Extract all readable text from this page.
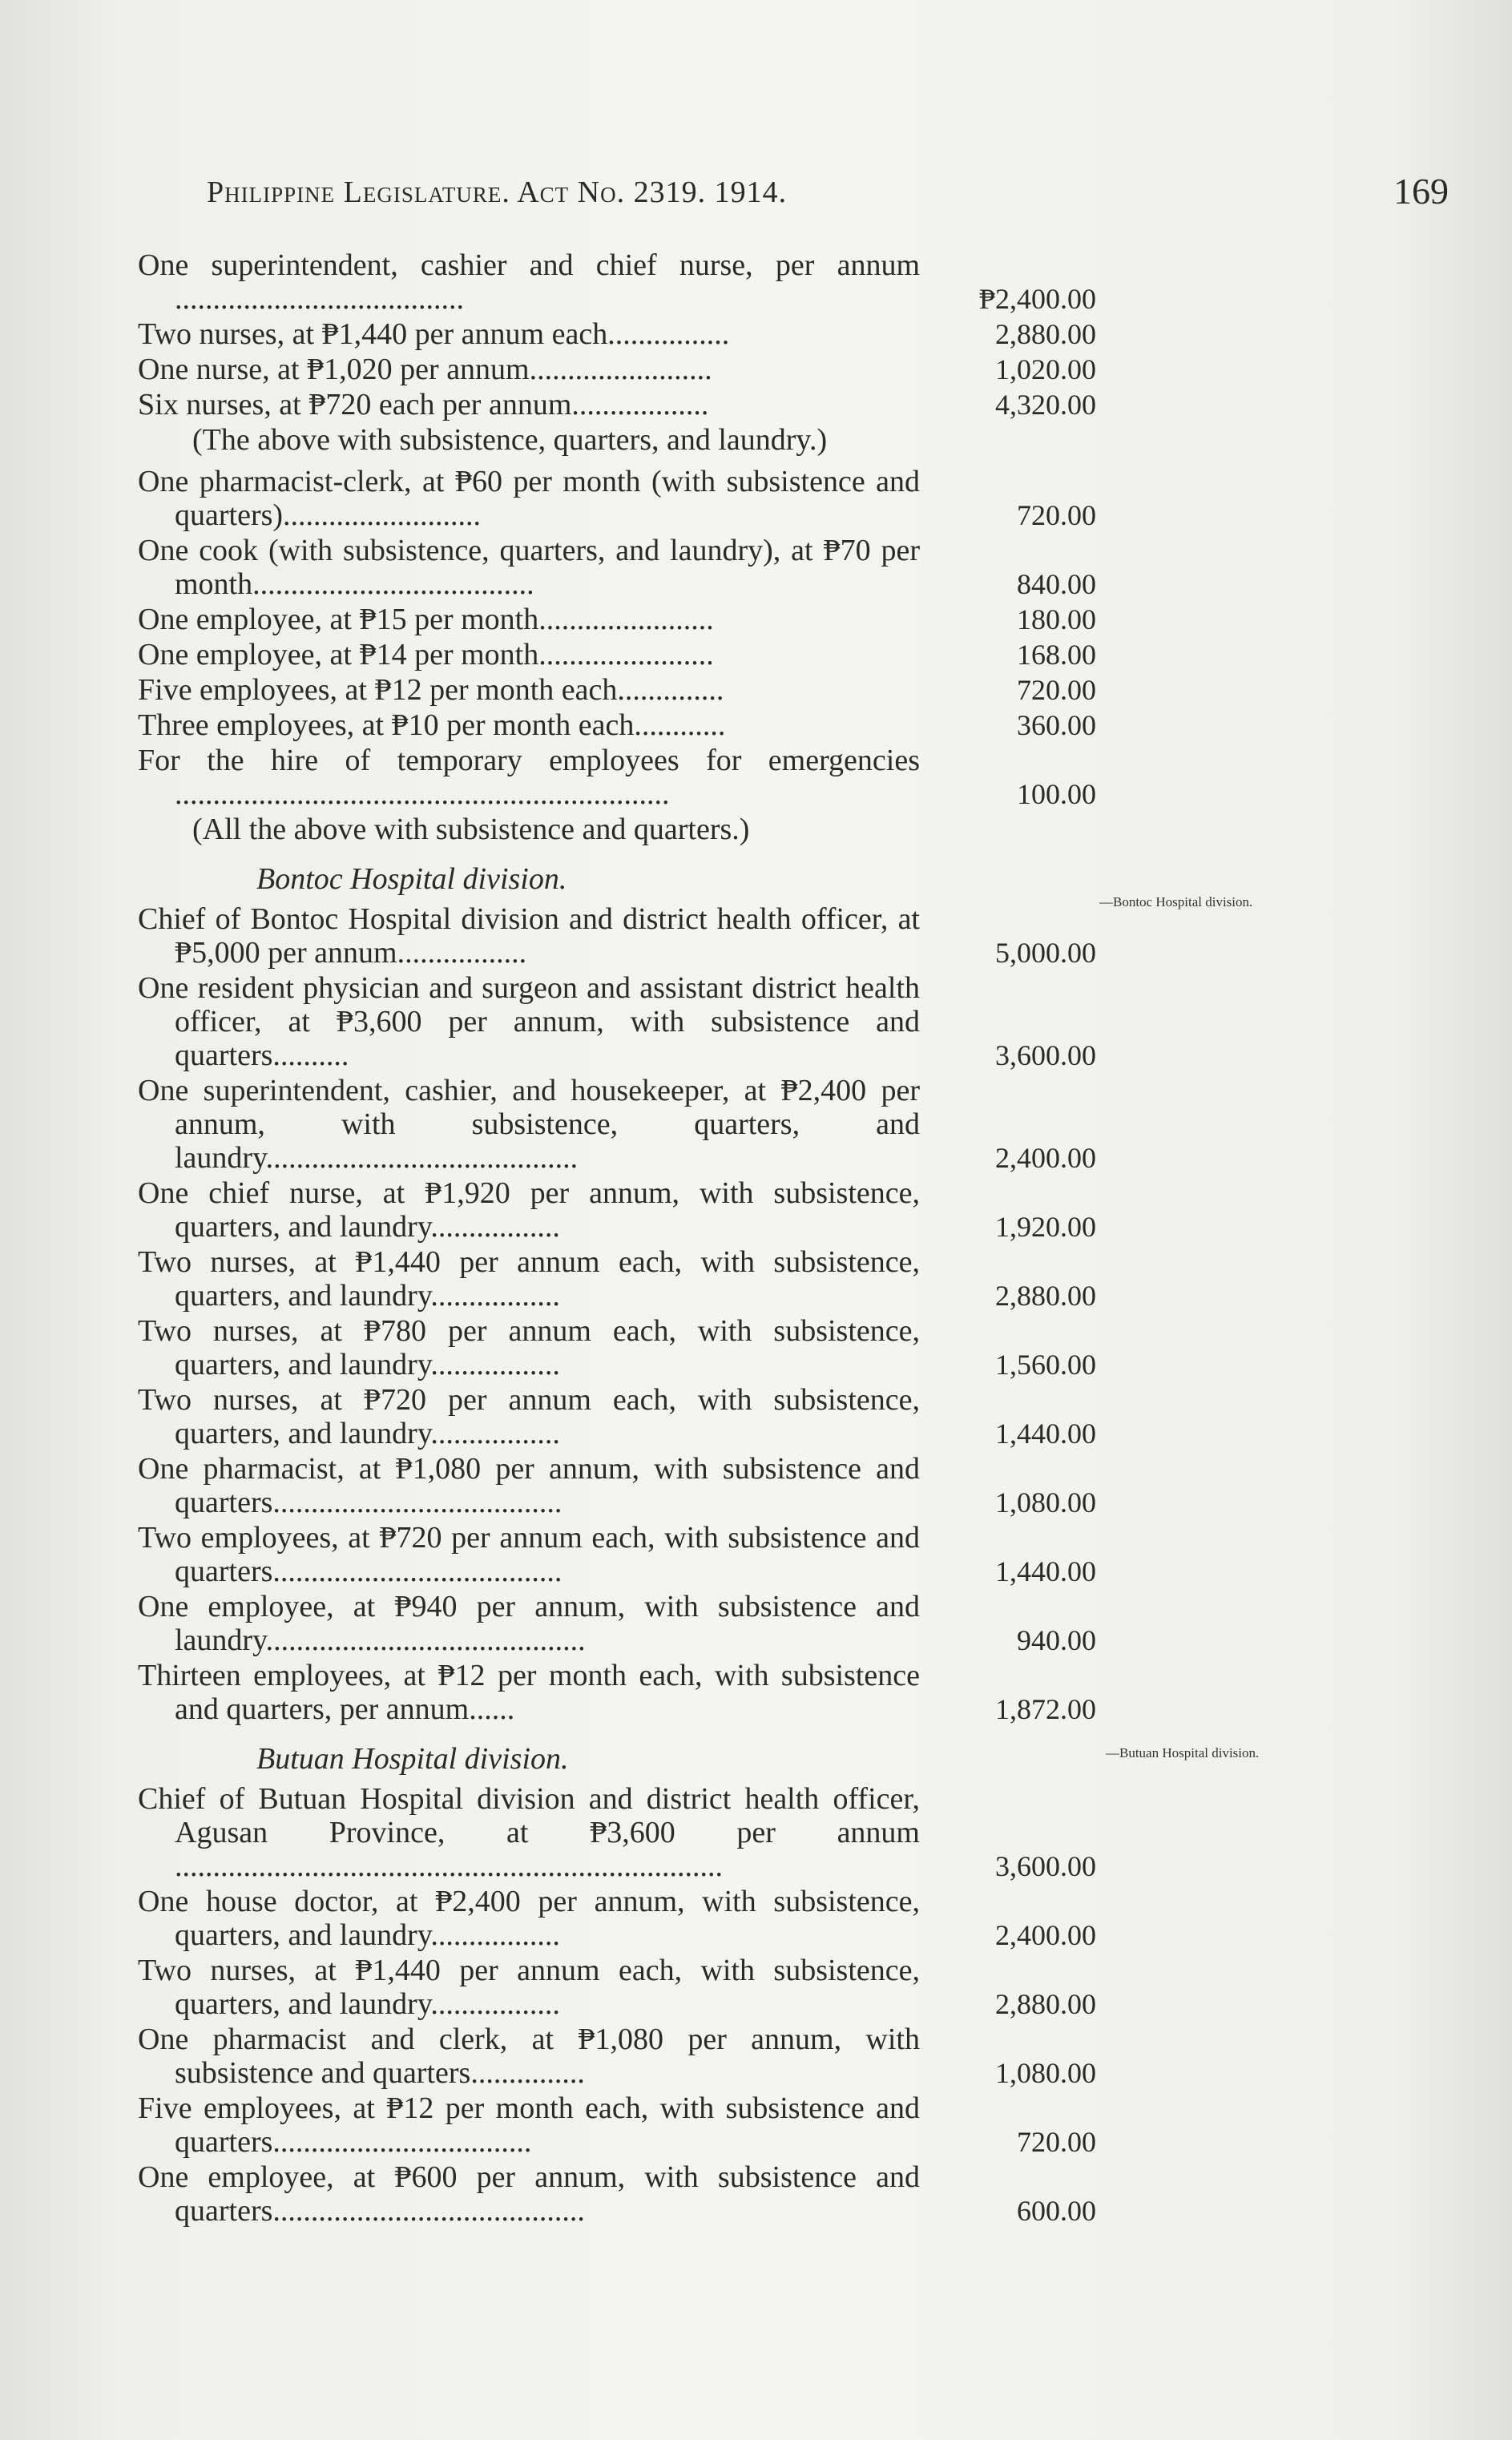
Philippine Legislature. Act No. 2319. 1914.	169
—Bontoc Hospital division.
—Butuan Hospital division.
One superintendent, cashier and chief nurse, per annum ......................................	₱2,400.00
Two nurses, at ₱1,440 per annum each................	2,880.00
One nurse, at ₱1,020 per annum........................	1,020.00
Six nurses, at ₱720 each per annum..................	4,320.00
(The above with subsistence, quarters, and laundry.)
One pharmacist-clerk, at ₱60 per month (with subsistence and quarters)..........................	720.00
One cook (with subsistence, quarters, and laundry), at ₱70 per month.....................................	840.00
One employee, at ₱15 per month.......................	180.00
One employee, at ₱14 per month.......................	168.00
Five employees, at ₱12 per month each..............	720.00
Three employees, at ₱10 per month each............	360.00
For the hire of temporary employees for emergencies .................................................................	100.00
(All the above with subsistence and quarters.)
Bontoc Hospital division.
Chief of Bontoc Hospital division and district health officer, at ₱5,000 per annum.................	5,000.00
One resident physician and surgeon and assistant district health officer, at ₱3,600 per annum, with subsistence and quarters..........	3,600.00
One superintendent, cashier, and housekeeper, at ₱2,400 per annum, with subsistence, quarters, and laundry.........................................	2,400.00
One chief nurse, at ₱1,920 per annum, with subsistence, quarters, and laundry.................	1,920.00
Two nurses, at ₱1,440 per annum each, with subsistence, quarters, and laundry.................	2,880.00
Two nurses, at ₱780 per annum each, with subsistence, quarters, and laundry.................	1,560.00
Two nurses, at ₱720 per annum each, with subsistence, quarters, and laundry.................	1,440.00
One pharmacist, at ₱1,080 per annum, with subsistence and quarters......................................	1,080.00
Two employees, at ₱720 per annum each, with subsistence and quarters......................................	1,440.00
One employee, at ₱940 per annum, with subsistence and laundry..........................................	940.00
Thirteen employees, at ₱12 per month each, with subsistence and quarters, per annum......	1,872.00
Butuan Hospital division.
Chief of Butuan Hospital division and district health officer, Agusan Province, at ₱3,600 per annum ........................................................................	3,600.00
One house doctor, at ₱2,400 per annum, with subsistence, quarters, and laundry.................	2,400.00
Two nurses, at ₱1,440 per annum each, with subsistence, quarters, and laundry.................	2,880.00
One pharmacist and clerk, at ₱1,080 per annum, with subsistence and quarters...............	1,080.00
Five employees, at ₱12 per month each, with subsistence and quarters..................................	720.00
One employee, at ₱600 per annum, with subsistence and quarters.........................................	600.00
